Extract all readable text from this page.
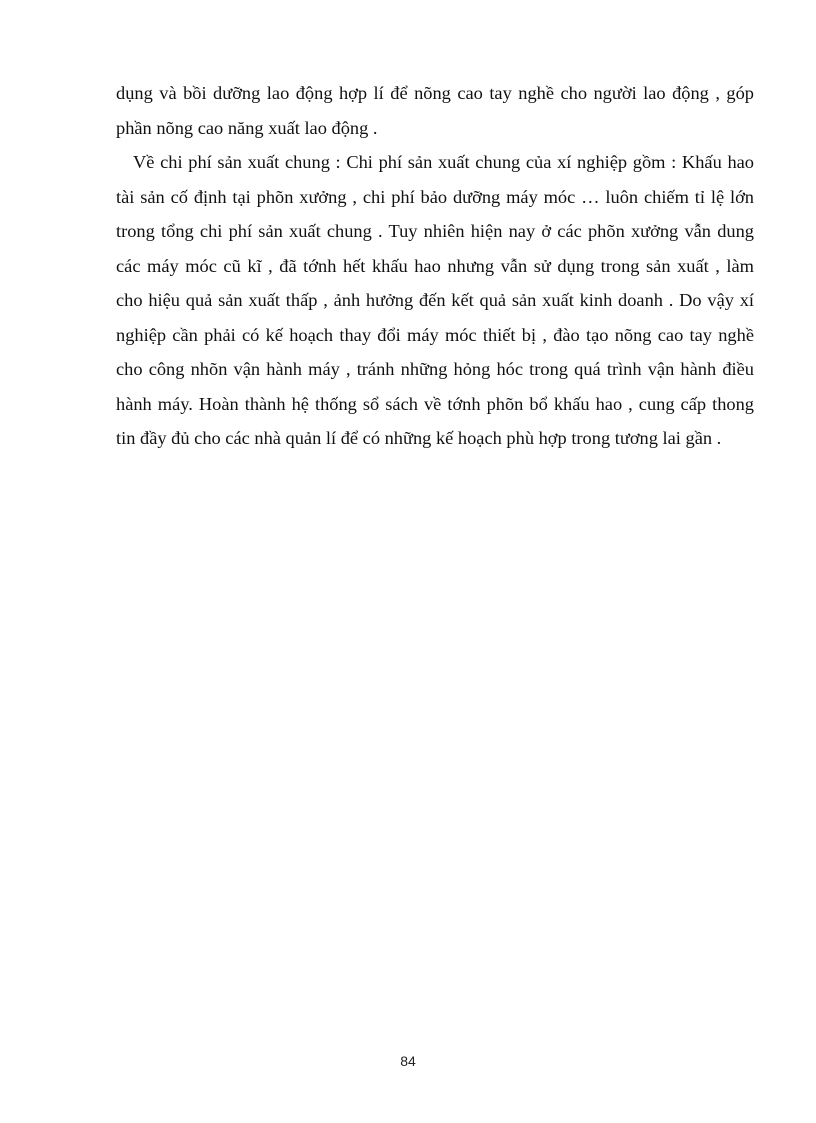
dụng và bồi dưỡng lao động hợp lí để nõng cao tay nghề cho người lao động , góp
phần nõng cao năng xuất lao động .
Về chi phí sản xuất chung : Chi phí sản xuất chung của xí nghiệp gồm : Khấu hao
tài sản cố định tại phõn xưởng , chi phí bảo dưỡng máy móc … luôn chiếm tỉ lệ lớn
trong tổng chi phí sản xuất chung . Tuy nhiên hiện nay ở các phõn xưởng vẫn dung
các máy móc cũ kĩ , đã tớnh hết khấu hao nhưng vẫn sử dụng trong sản xuất , làm
cho hiệu quả sản xuất thấp , ảnh hưởng đến kết quả sản xuất kinh doanh . Do vậy xí
nghiệp cần phải có kế hoạch thay đổi máy móc thiết bị , đào tạo nõng cao tay nghề
cho công nhõn vận hành máy , tránh những hỏng hóc trong quá trình vận hành điều
hành máy. Hoàn thành hệ thống sổ sách về tớnh phõn bổ khấu hao , cung cấp thong
tin đầy đủ cho các nhà quản lí để có những kế hoạch phù hợp trong tương lai gần .
84
